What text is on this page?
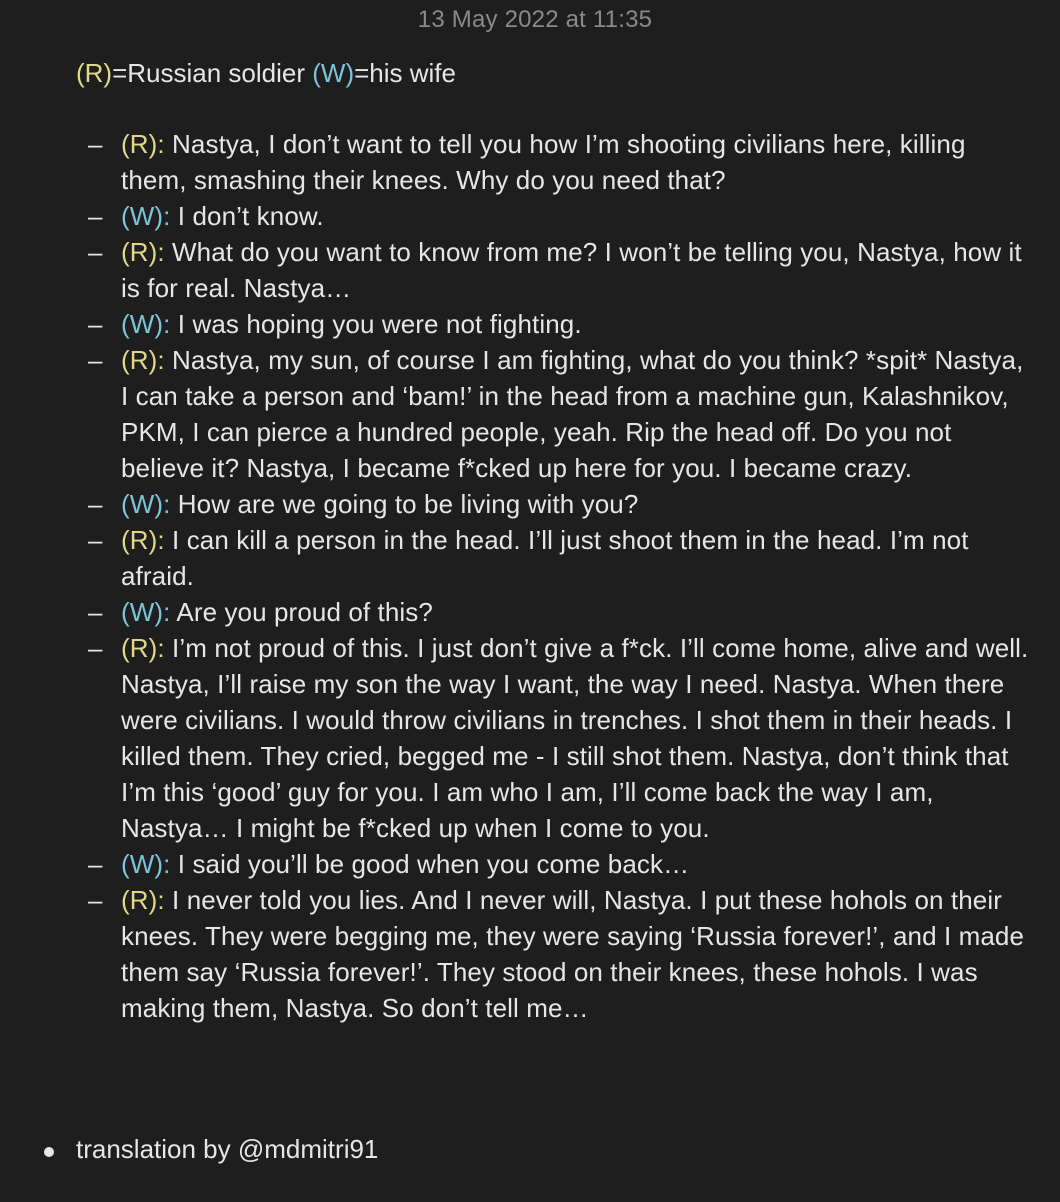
13 May 2022 at 11:35
(R)=Russian soldier (W)=his wife
– (R): Nastya, I don’t want to tell you how I’m shooting civilians here, killing them, smashing their knees. Why do you need that?
– (W): I don’t know.
– (R): What do you want to know from me? I won’t be telling you, Nastya, how it is for real. Nastya…
– (W): I was hoping you were not fighting.
– (R): Nastya, my sun, of course I am fighting, what do you think? *spit* Nastya, I can take a person and ‘bam!’ in the head from a machine gun, Kalashnikov, PKM, I can pierce a hundred people, yeah. Rip the head off. Do you not believe it? Nastya, I became f*cked up here for you. I became crazy.
– (W): How are we going to be living with you?
– (R): I can kill a person in the head. I’ll just shoot them in the head. I’m not afraid.
– (W): Are you proud of this?
– (R): I’m not proud of this. I just don’t give a f*ck. I’ll come home, alive and well. Nastya, I’ll raise my son the way I want, the way I need. Nastya. When there were civilians. I would throw civilians in trenches. I shot them in their heads. I killed them. They cried, begged me - I still shot them. Nastya, don’t think that I’m this ‘good’ guy for you. I am who I am, I’ll come back the way I am, Nastya… I might be f*cked up when I come to you.
– (W): I said you’ll be good when you come back…
– (R): I never told you lies. And I never will, Nastya. I put these hohols on their knees. They were begging me, they were saying ‘Russia forever!’, and I made them say ‘Russia forever!’. They stood on their knees, these hohols. I was making them, Nastya. So don’t tell me…
translation by @mdmitri91
